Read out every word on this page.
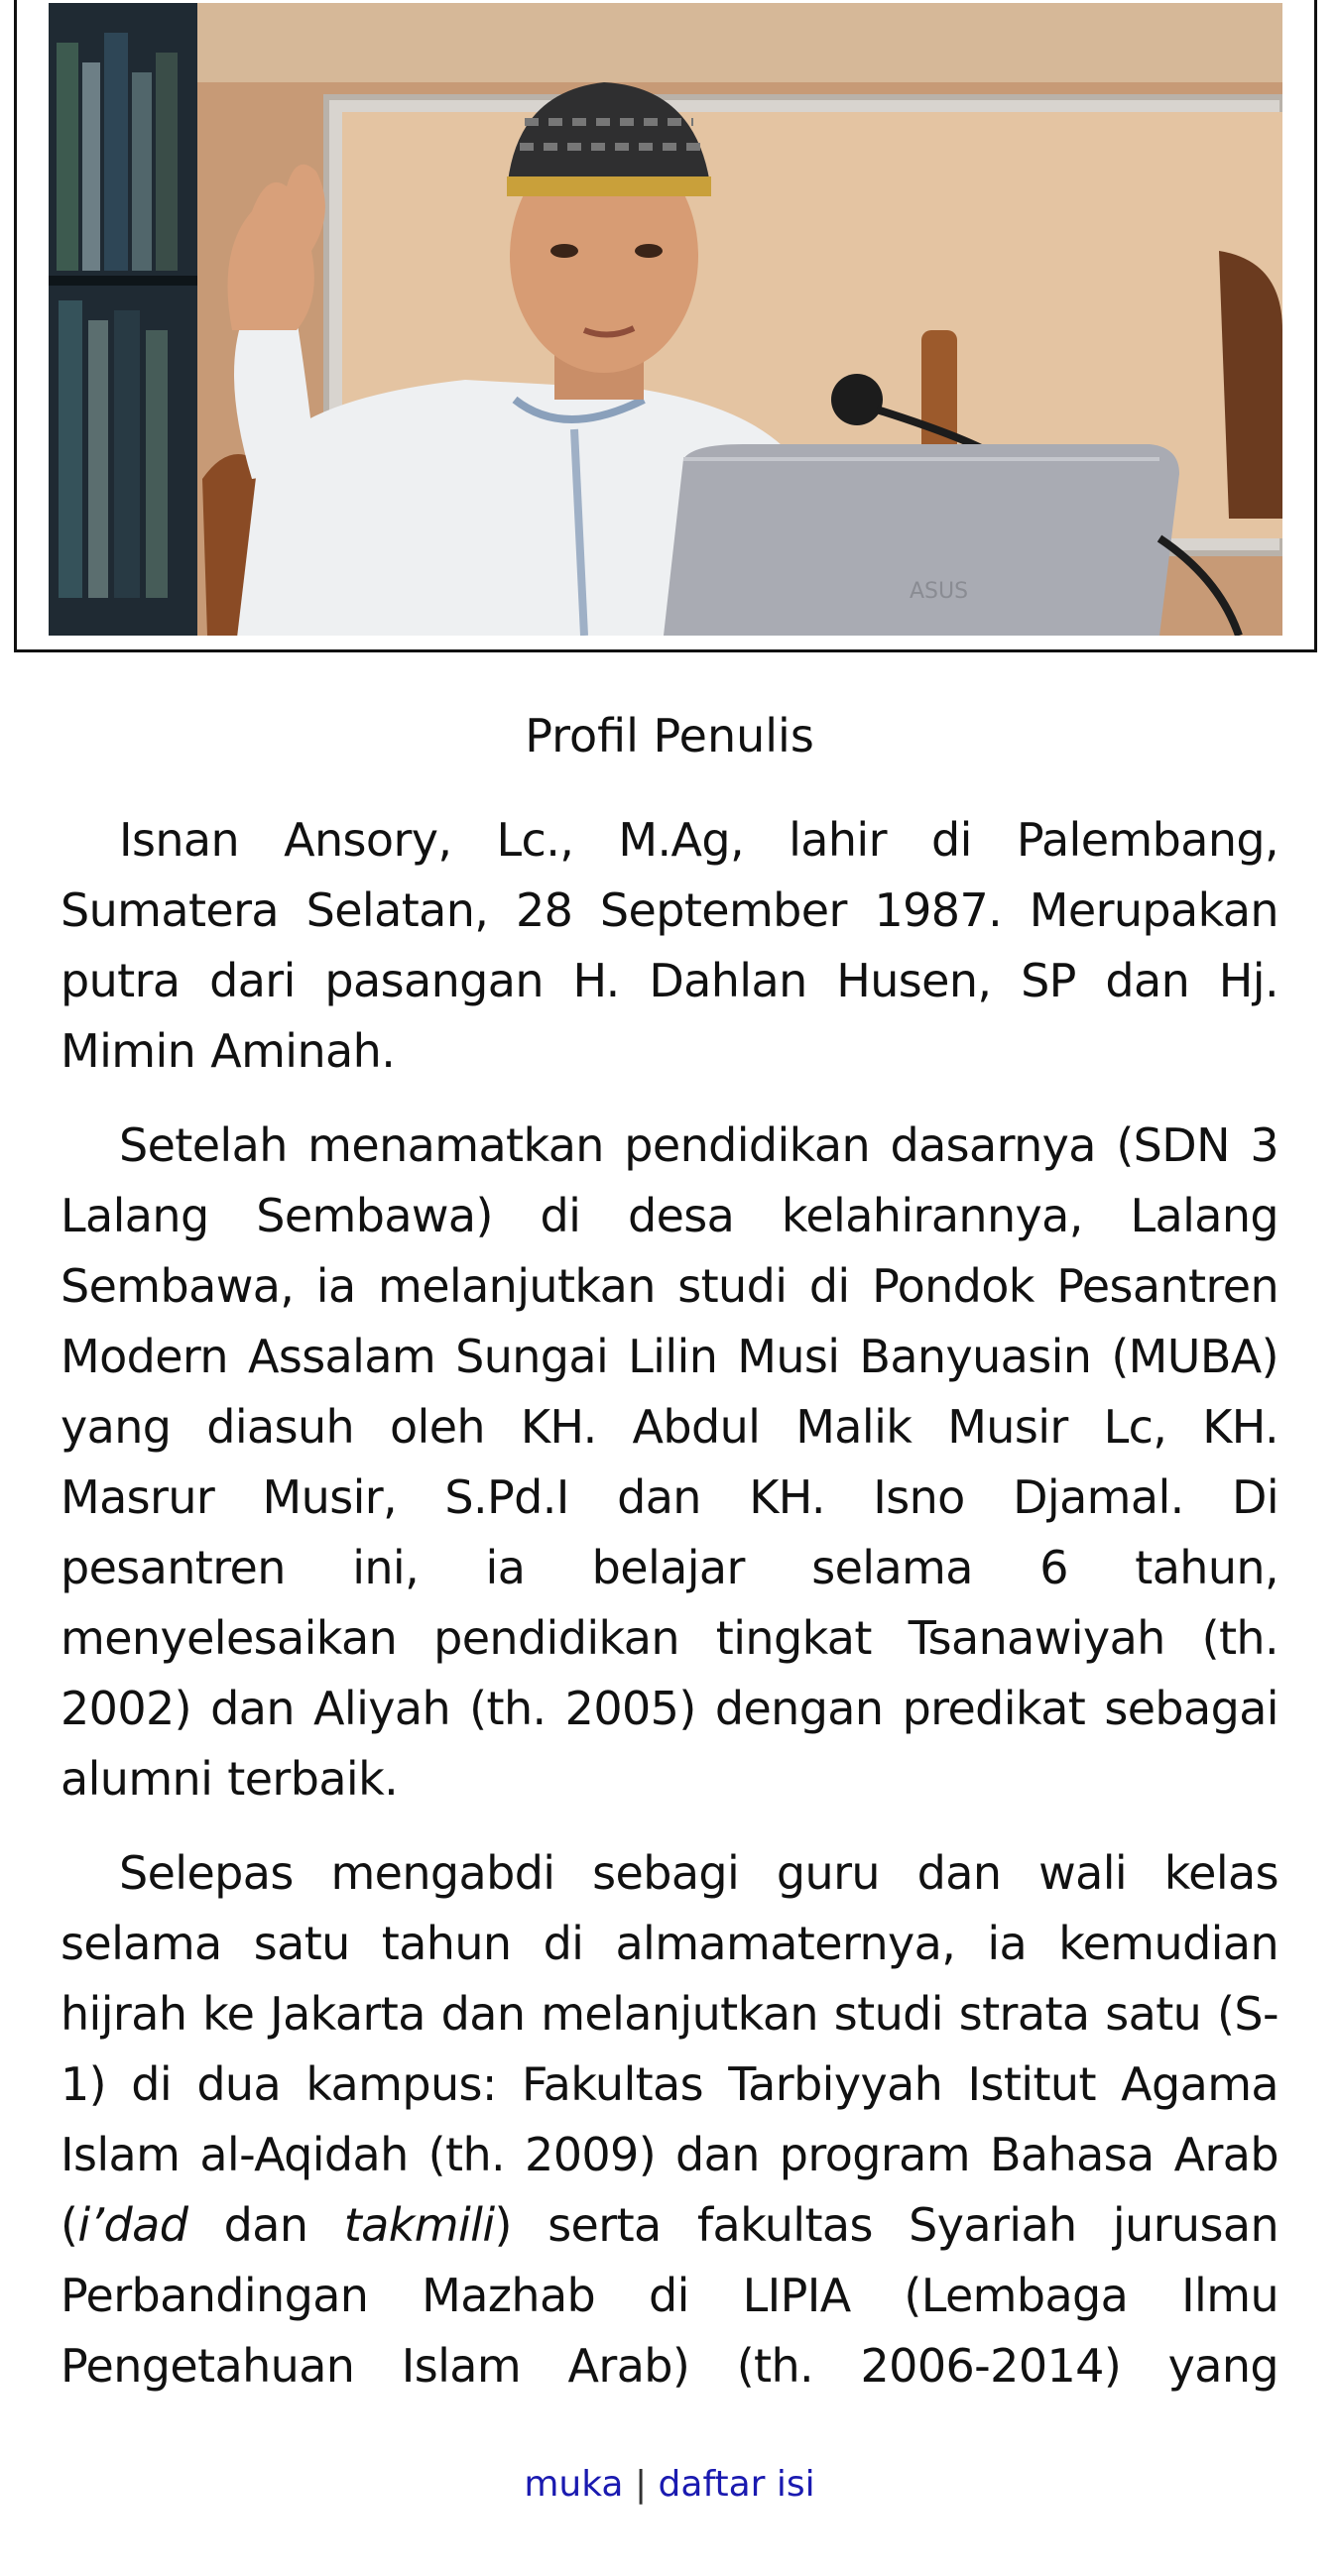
ASUS
Profil Penulis

Isnan Ansory, Lc., M.Ag, lahir di Palembang, Sumatera Selatan, 28 September 1987. Merupakan putra dari pasangan H. Dahlan Husen, SP dan Hj. Mimin Aminah.

Setelah menamatkan pendidikan dasarnya (SDN 3 Lalang Sembawa) di desa kelahirannya, Lalang Sembawa, ia melanjutkan studi di Pondok Pesantren Modern Assalam Sungai Lilin Musi Banyuasin (MUBA) yang diasuh oleh KH. Abdul Malik Musir Lc, KH. Masrur Musir, S.Pd.I dan KH. Isno Djamal. Di pesantren ini, ia belajar selama 6 tahun, menyelesaikan pendidikan tingkat Tsanawiyah (th. 2002) dan Aliyah (th. 2005) dengan predikat sebagai alumni terbaik.

Selepas mengabdi sebagi guru dan wali kelas selama satu tahun di almamaternya, ia kemudian hijrah ke Jakarta dan melanjutkan studi strata satu (S-1) di dua kampus: Fakultas Tarbiyyah Istitut Agama Islam al-Aqidah (th. 2009) dan program Bahasa Arab (i’dad dan takmili) serta fakultas Syariah jurusan Perbandingan Mazhab di LIPIA (Lembaga Ilmu Pengetahuan Islam Arab) (th. 2006-2014) yang

muka | daftar isi
